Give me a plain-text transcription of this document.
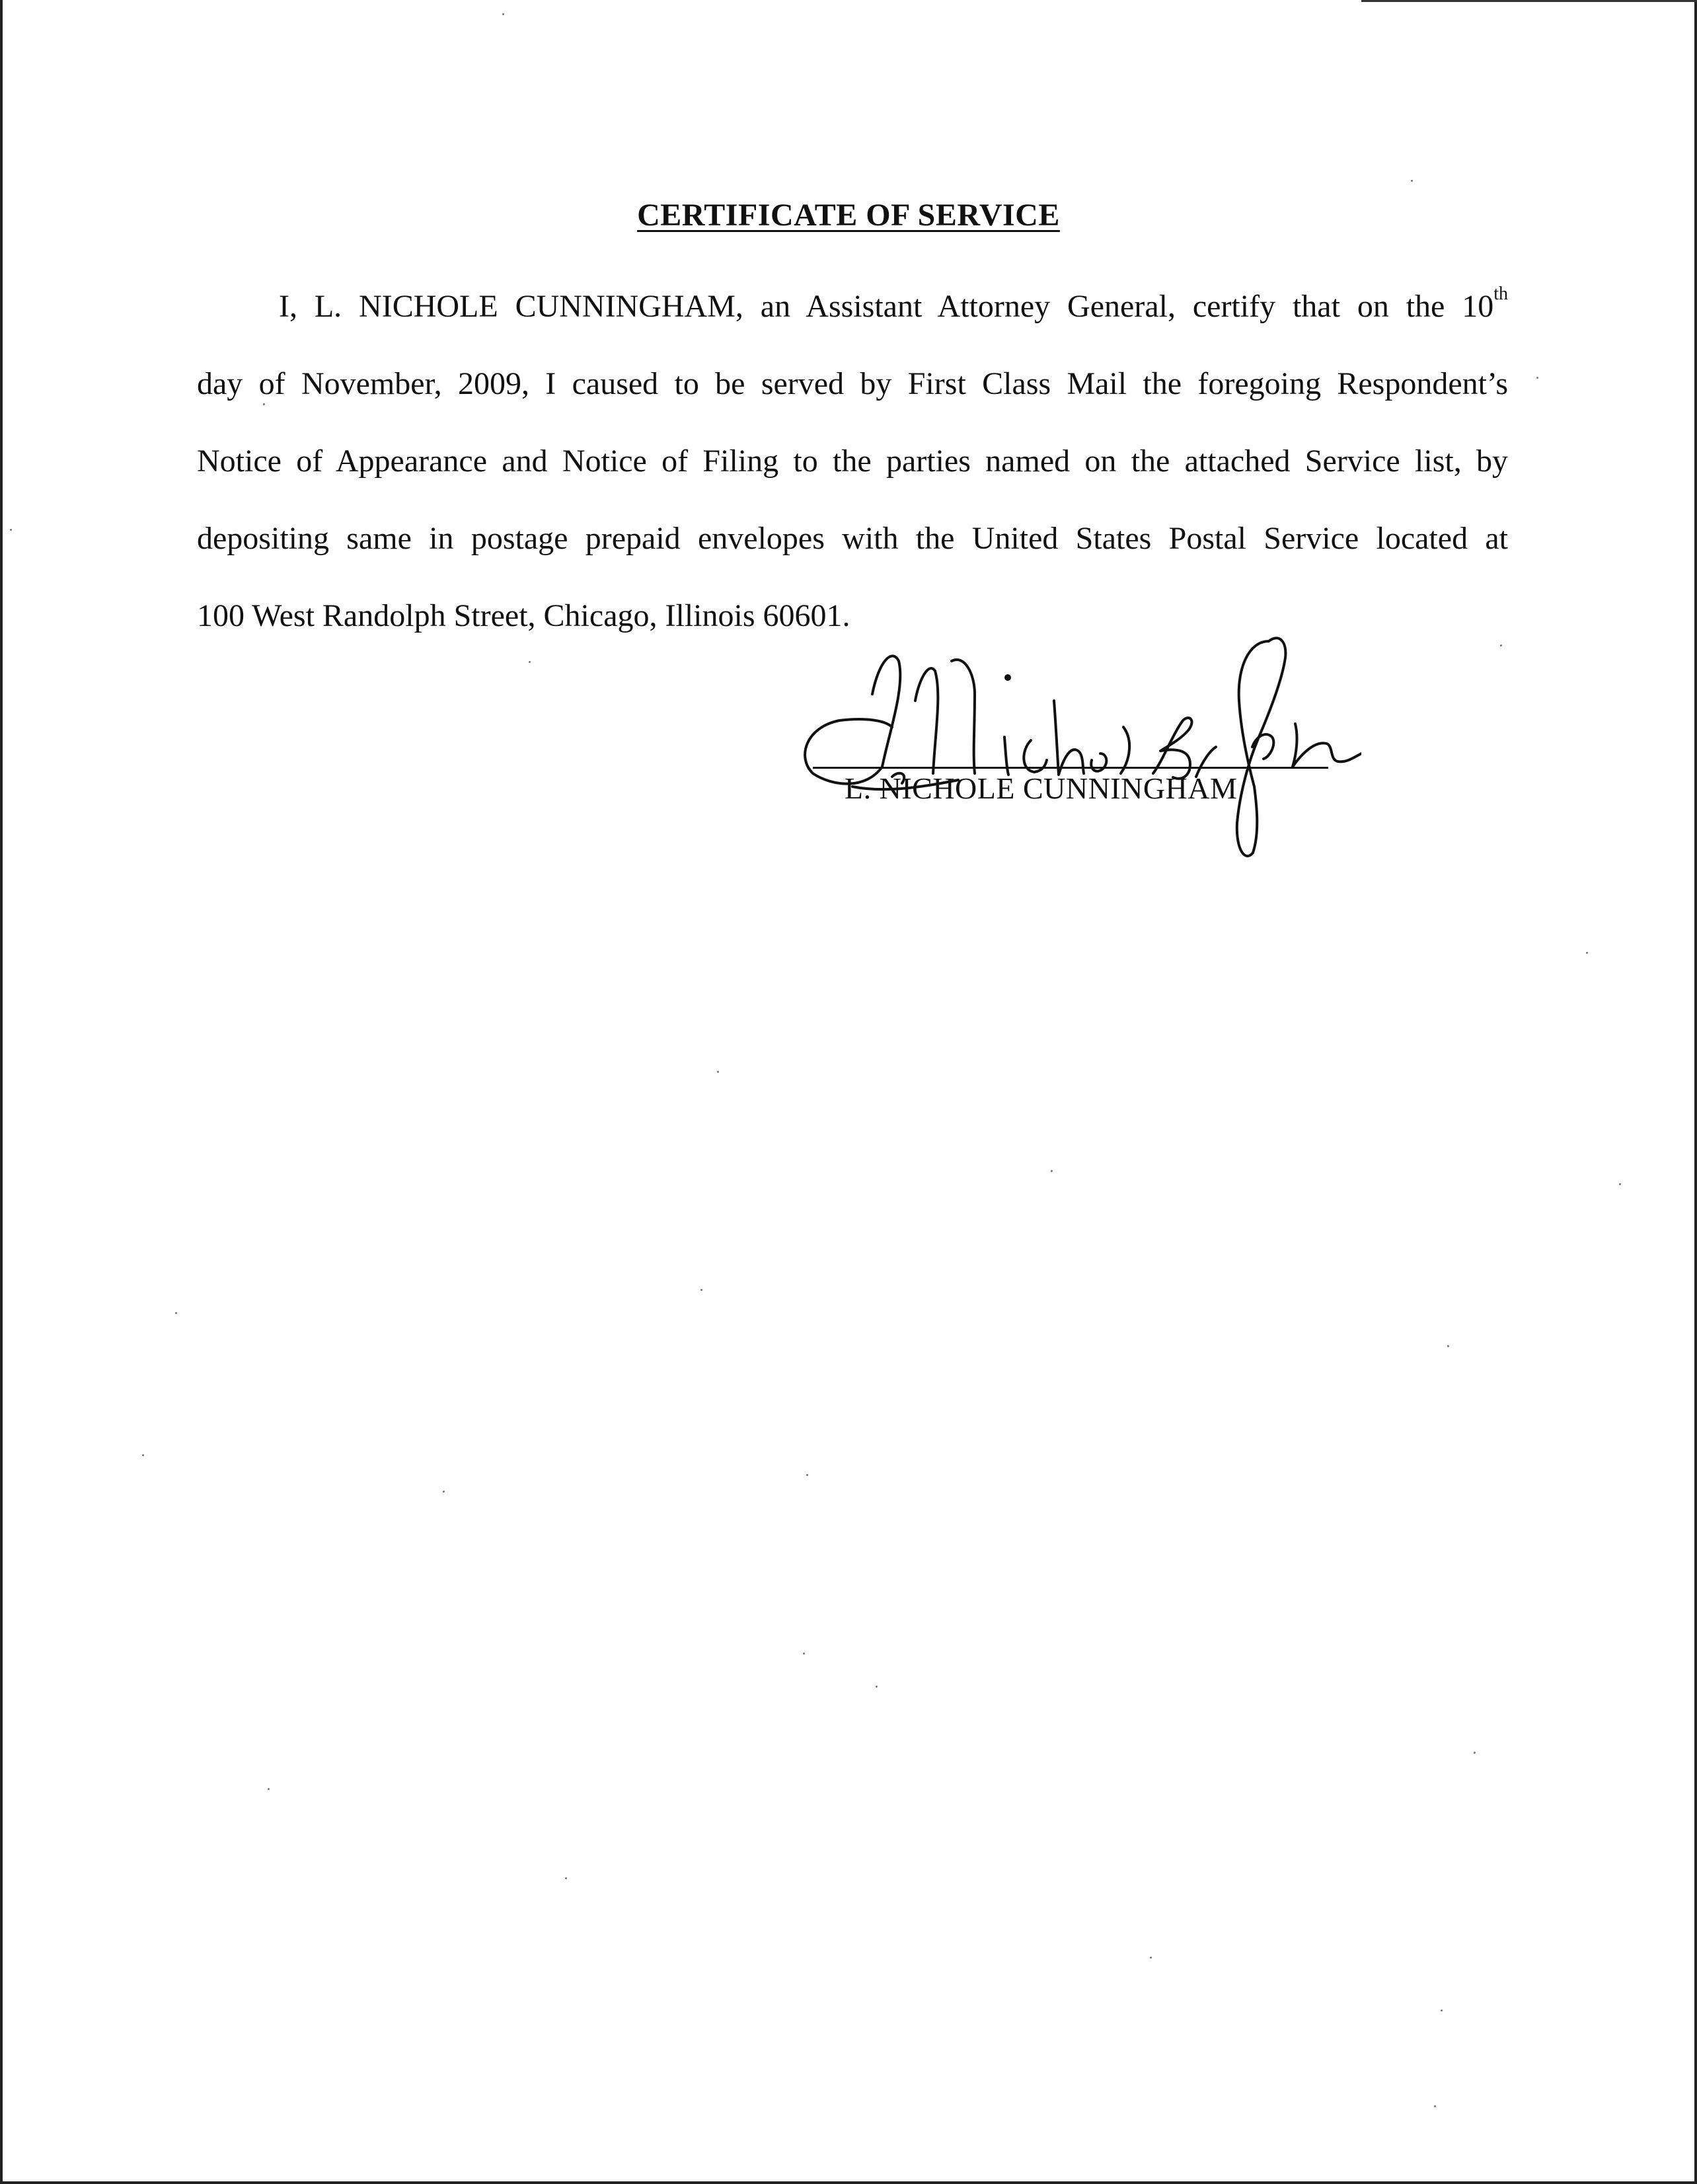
CERTIFICATE OF SERVICE
I, L. NICHOLE CUNNINGHAM, an Assistant Attorney General, certify that on the 10th
day of November, 2009, I caused to be served by First Class Mail the foregoing Respondent’s
Notice of Appearance and Notice of Filing to the parties named on the attached Service list, by
depositing same in postage prepaid envelopes with the United States Postal Service located at
100 West Randolph Street, Chicago, Illinois 60601.
L. NICHOLE CUNNINGHAM
